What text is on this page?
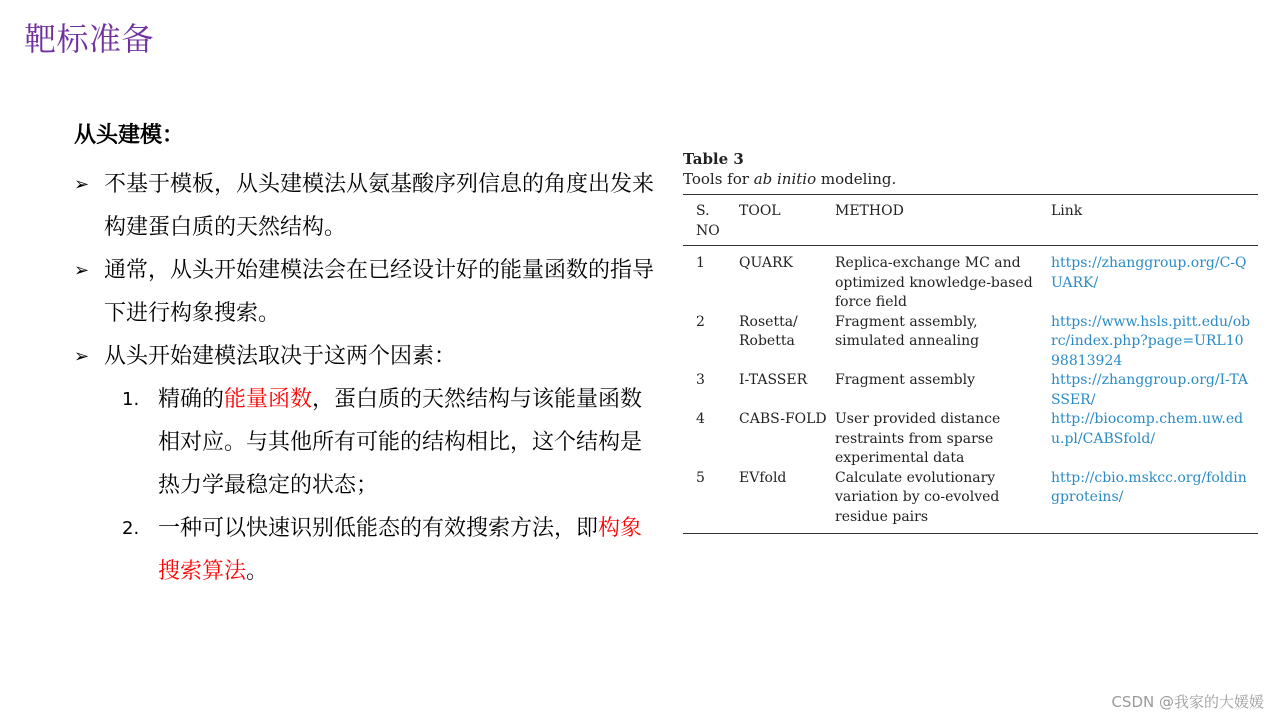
靶标准备
从头建模：
➢ 不基于模板，从头建模法从氨基酸序列信息的角度出发来构建蛋白质的天然结构。
➢ 通常，从头开始建模法会在已经设计好的能量函数的指导下进行构象搜索。
➢ 从头开始建模法取决于这两个因素：
1. 精确的能量函数，蛋白质的天然结构与该能量函数相对应。与其他所有可能的结构相比，这个结构是热力学最稳定的状态；
2. 一种可以快速识别低能态的有效搜索方法，即构象搜索算法。
Table 3
Tools for ab initio modeling.
S. NO	TOOL	METHOD	Link
1	QUARK	Replica-exchange MC and optimized knowledge-based force field	https://zhanggroup.org/C-QUARK/
2	Rosetta/ Robetta	Fragment assembly, simulated annealing	https://www.hsls.pitt.edu/obrc/index.php?page=URL1098813924
3	I-TASSER	Fragment assembly	https://zhanggroup.org/I-TASSER/
4	CABS-FOLD	User provided distance restraints from sparse experimental data	http://biocomp.chem.uw.edu.pl/CABSfold/
5	EVfold	Calculate evolutionary variation by co-evolved residue pairs	http://cbio.mskcc.org/foldingproteins/
CSDN @我家的大媛媛
